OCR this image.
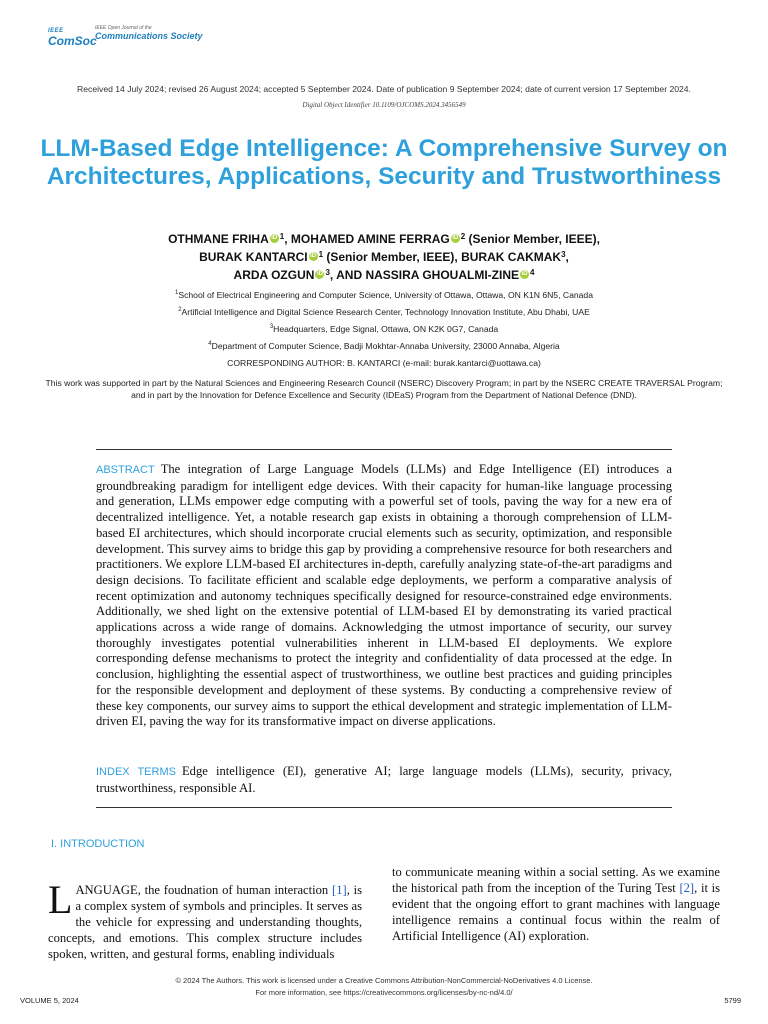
IEEE
ComSoc
IEEE Open Journal of the
Communications Society
Received 14 July 2024; revised 26 August 2024; accepted 5 September 2024. Date of publication 9 September 2024; date of current version 17 September 2024.
Digital Object Identifier 10.1109/OJCOMS.2024.3456549
LLM-Based Edge Intelligence: A Comprehensive Survey on Architectures, Applications, Security and Trustworthiness
OTHMANE FRIHA iD $^1$, MOHAMED AMINE FERRAG iD $^2$ (Senior Member, IEEE),
BURAK KANTARCI iD $^1$ (Senior Member, IEEE), BURAK CAKMAK$^3$,
ARDA OZGUN iD $^3$, AND NASSIRA GHOUALMI-ZINE iD $^4$
$^1$School of Electrical Engineering and Computer Science, University of Ottawa, Ottawa, ON K1N 6N5, Canada
$^2$Artificial Intelligence and Digital Science Research Center, Technology Innovation Institute, Abu Dhabi, UAE
$^3$Headquarters, Edge Signal, Ottawa, ON K2K 0G7, Canada
$^4$Department of Computer Science, Badji Mokhtar-Annaba University, 23000 Annaba, Algeria
CORRESPONDING AUTHOR: B. KANTARCI (e-mail: burak.kantarci@uottawa.ca)
This work was supported in part by the Natural Sciences and Engineering Research Council (NSERC) Discovery Program; in part by the NSERC CREATE TRAVERSAL Program; and in part by the Innovation for Defence Excellence and Security (IDEaS) Program from the Department of National Defence (DND).
ABSTRACT The integration of Large Language Models (LLMs) and Edge Intelligence (EI) introduces a groundbreaking paradigm for intelligent edge devices. With their capacity for human-like language processing and generation, LLMs empower edge computing with a powerful set of tools, paving the way for a new era of decentralized intelligence. Yet, a notable research gap exists in obtaining a thorough comprehension of LLM-based EI architectures, which should incorporate crucial elements such as security, optimization, and responsible development. This survey aims to bridge this gap by providing a comprehensive resource for both researchers and practitioners. We explore LLM-based EI architectures in-depth, carefully analyzing state-of-the-art paradigms and design decisions. To facilitate efficient and scalable edge deployments, we perform a comparative analysis of recent optimization and autonomy techniques specifically designed for resource-constrained edge environments. Additionally, we shed light on the extensive potential of LLM-based EI by demonstrating its varied practical applications across a wide range of domains. Acknowledging the utmost importance of security, our survey thoroughly investigates potential vulnerabilities inherent in LLM-based EI deployments. We explore corresponding defense mechanisms to protect the integrity and confidentiality of data processed at the edge. In conclusion, highlighting the essential aspect of trustworthiness, we outline best practices and guiding principles for the responsible development and deployment of these systems. By conducting a comprehensive review of these key components, our survey aims to support the ethical development and strategic implementation of LLM-driven EI, paving the way for its transformative impact on diverse applications.
INDEX TERMS Edge intelligence (EI), generative AI; large language models (LLMs), security, privacy, trustworthiness, responsible AI.
I. INTRODUCTION
LANGUAGE, the foudnation of human interaction [1], is a complex system of symbols and principles. It serves as the vehicle for expressing and understanding thoughts, concepts, and emotions. This complex structure includes spoken, written, and gestural forms, enabling individuals
to communicate meaning within a social setting. As we examine the historical path from the inception of the Turing Test [2], it is evident that the ongoing effort to grant machines with language intelligence remains a continual focus within the realm of Artificial Intelligence (AI) exploration.
© 2024 The Authors. This work is licensed under a Creative Commons Attribution-NonCommercial-NoDerivatives 4.0 License.
For more information, see https://creativecommons.org/licenses/by-nc-nd/4.0/
VOLUME 5, 2024	5799
